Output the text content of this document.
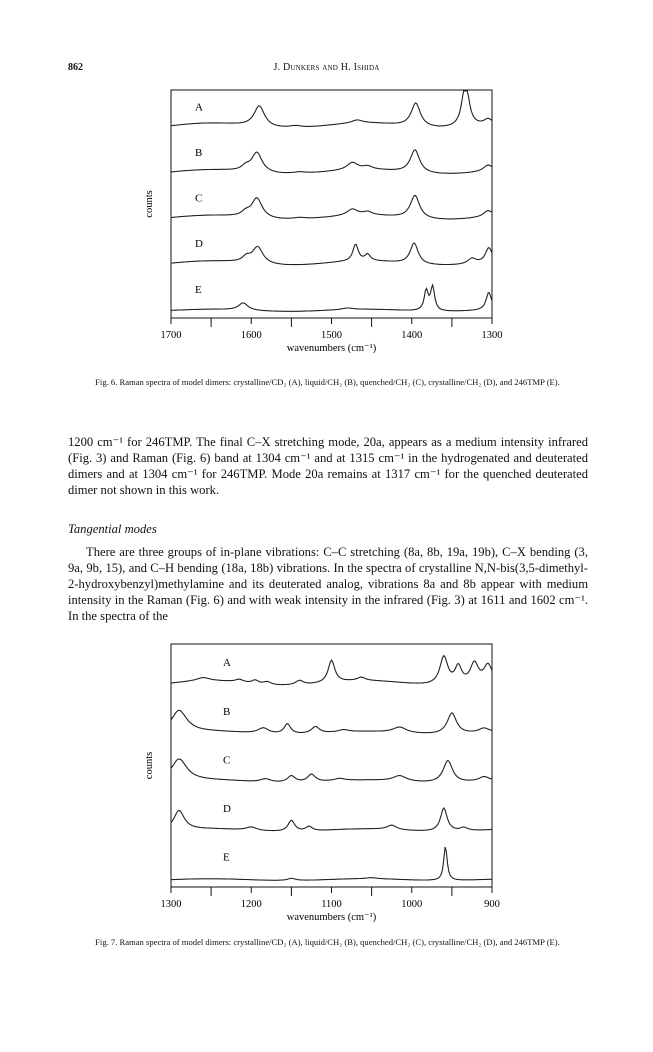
862	J. Dunkers and H. Ishida
A
B
C
D
E
1700	1600	1500	1400	1300
wavenumbers (cm⁻¹)
counts
Fig. 6. Raman spectra of model dimers: crystalline/CD₂ (A), liquid/CH₂ (B), quenched/CH₂ (C), crystalline/CH₂ (D), and 246TMP (E).

1200 cm⁻¹ for 246TMP. The final C–X stretching mode, 20a, appears as a medium intensity infrared (Fig. 3) and Raman (Fig. 6) band at 1304 cm⁻¹ and at 1315 cm⁻¹ in the hydrogenated and deuterated dimers and at 1304 cm⁻¹ for 246TMP. Mode 20a remains at 1317 cm⁻¹ for the quenched deuterated dimer not shown in this work.

Tangential modes

There are three groups of in-plane vibrations: C–C stretching (8a, 8b, 19a, 19b), C–X bending (3, 9a, 9b, 15), and C–H bending (18a, 18b) vibrations. In the spectra of crystalline N,N-bis(3,5-dimethyl-2-hydroxybenzyl)methylamine and its deuterated analog, vibrations 8a and 8b appear with medium intensity in the Raman (Fig. 6) and with weak intensity in the infrared (Fig. 3) at 1611 and 1602 cm⁻¹. In the spectra of the

A
B
C
D
E
1300	1200	1100	1000	900
wavenumbers (cm⁻¹)
counts
Fig. 7. Raman spectra of model dimers: crystalline/CD₂ (A), liquid/CH₂ (B), quenched/CH₂ (C), crystalline/CH₂ (D), and 246TMP (E).
